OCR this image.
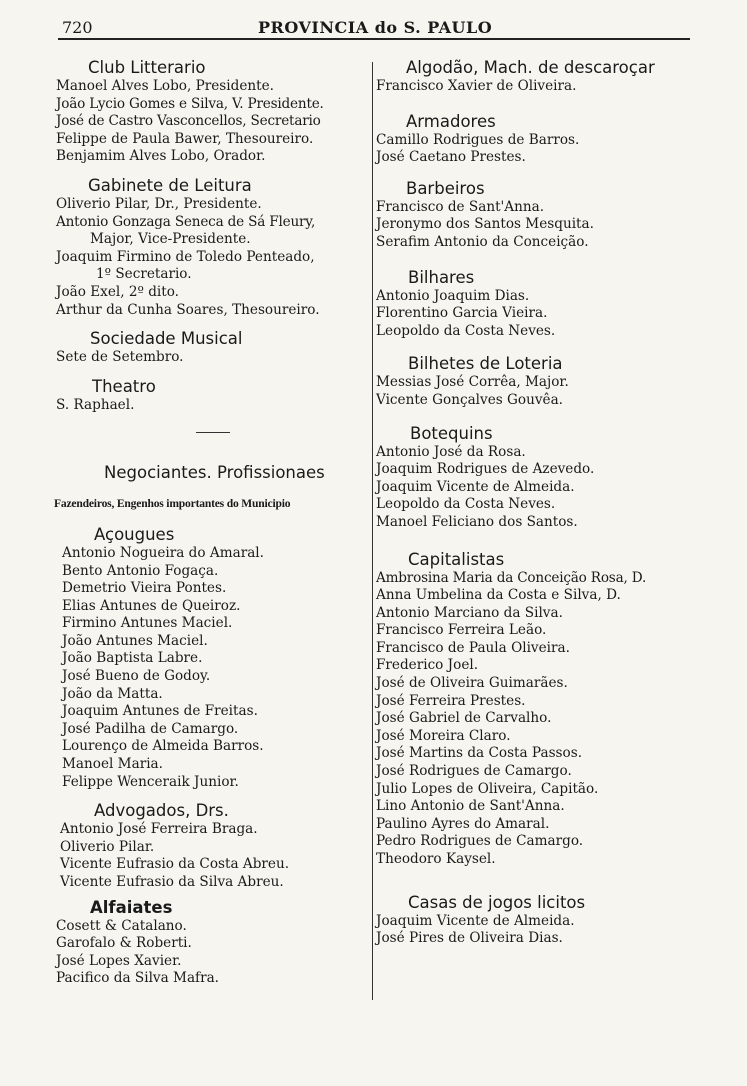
720	PROVINCIA do S. PAULO

Club Litterario

Manoel Alves Lobo, Presidente.

João Lycio Gomes e Silva, V. Presidente.

José de Castro Vasconcellos, Secretario

Felippe de Paula Bawer, Thesoureiro.

Benjamim Alves Lobo, Orador.

Gabinete de Leitura

Oliverio Pilar, Dr., Presidente.

Antonio Gonzaga Seneca de Sá Fleury,

Major, Vice-Presidente.

Joaquim Firmino de Toledo Penteado,

1º Secretario.

João Exel, 2º dito.

Arthur da Cunha Soares, Thesoureiro.

Sociedade Musical

Sete de Setembro.

Theatro

S. Raphael.

Negociantes. Profissionaes

Fazendeiros, Engenhos importantes do Municipio

Açougues

Antonio Nogueira do Amaral.

Bento Antonio Fogaça.

Demetrio Vieira Pontes.

Elias Antunes de Queiroz.

Firmino Antunes Maciel.

João Antunes Maciel.

João Baptista Labre.

José Bueno de Godoy.

João da Matta.

Joaquim Antunes de Freitas.

José Padilha de Camargo.

Lourenço de Almeida Barros.

Manoel Maria.

Felippe Wenceraik Junior.

Advogados, Drs.

Antonio José Ferreira Braga.

Oliverio Pilar.

Vicente Eufrasio da Costa Abreu.

Vicente Eufrasio da Silva Abreu.

Alfaiates

Cosett & Catalano.

Garofalo & Roberti.

José Lopes Xavier.

Pacifico da Silva Mafra.

Algodão, Mach. de descaroçar

Francisco Xavier de Oliveira.

Armadores

Camillo Rodrigues de Barros.

José Caetano Prestes.

Barbeiros

Francisco de Sant'Anna.

Jeronymo dos Santos Mesquita.

Serafim Antonio da Conceição.

Bilhares

Antonio Joaquim Dias.

Florentino Garcia Vieira.

Leopoldo da Costa Neves.

Bilhetes de Loteria

Messias José Corrêa, Major.

Vicente Gonçalves Gouvêa.

Botequins

Antonio José da Rosa.

Joaquim Rodrigues de Azevedo.

Joaquim Vicente de Almeida.

Leopoldo da Costa Neves.

Manoel Feliciano dos Santos.

Capitalistas

Ambrosina Maria da Conceição Rosa, D.

Anna Umbelina da Costa e Silva, D.

Antonio Marciano da Silva.

Francisco Ferreira Leão.

Francisco de Paula Oliveira.

Frederico Joel.

José de Oliveira Guimarães.

José Ferreira Prestes.

José Gabriel de Carvalho.

José Moreira Claro.

José Martins da Costa Passos.

José Rodrigues de Camargo.

Julio Lopes de Oliveira, Capitão.

Lino Antonio de Sant'Anna.

Paulino Ayres do Amaral.

Pedro Rodrigues de Camargo.

Theodoro Kaysel.

Casas de jogos licitos

Joaquim Vicente de Almeida.

José Pires de Oliveira Dias.
